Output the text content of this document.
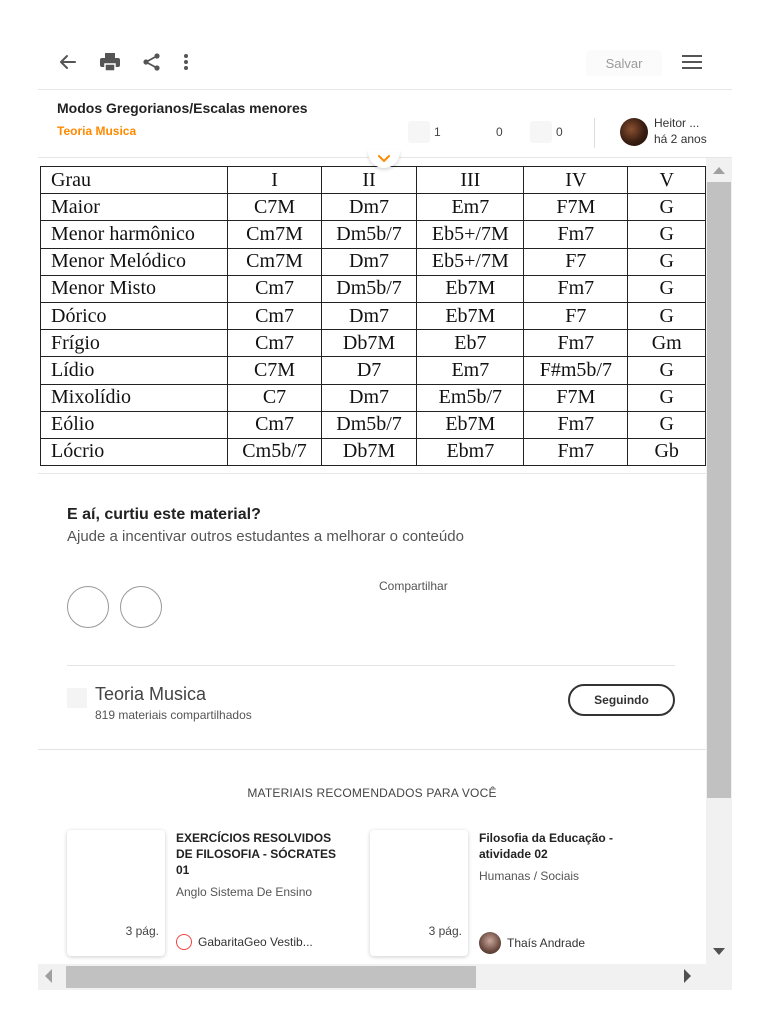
Salvar
Modos Gregorianos/Escalas menores
Teoria Musica	1	0	0
Heitor ...
há 2 anos
Grau	I	II	III	IV	V
Maior	C7M	Dm7	Em7	F7M	G
Menor harmônico	Cm7M	Dm5b/7	Eb5+/7M	Fm7	G
Menor Melódico	Cm7M	Dm7	Eb5+/7M	F7	G
Menor Misto	Cm7	Dm5b/7	Eb7M	Fm7	G
Dórico	Cm7	Dm7	Eb7M	F7	G
Frígio	Cm7	Db7M	Eb7	Fm7	Gm
Lídio	C7M	D7	Em7	F#m5b/7	G
Mixolídio	C7	Dm7	Em5b/7	F7M	G
Eólio	Cm7	Dm5b/7	Eb7M	Fm7	G
Lócrio	Cm5b/7	Db7M	Ebm7	Fm7	Gb
E aí, curtiu este material?
Ajude a incentivar outros estudantes a melhorar o conteúdo
Compartilhar
Teoria Musica
819 materiais compartilhados
Seguindo
MATERIAIS RECOMENDADOS PARA VOCÊ
3 pág.
EXERCÍCIOS RESOLVIDOS DE FILOSOFIA - SÓCRATES 01
Anglo Sistema De Ensino
GabaritaGeo Vestib...
3 pág.
Filosofia da Educação - atividade 02
Humanas / Sociais
Thaís Andrade
